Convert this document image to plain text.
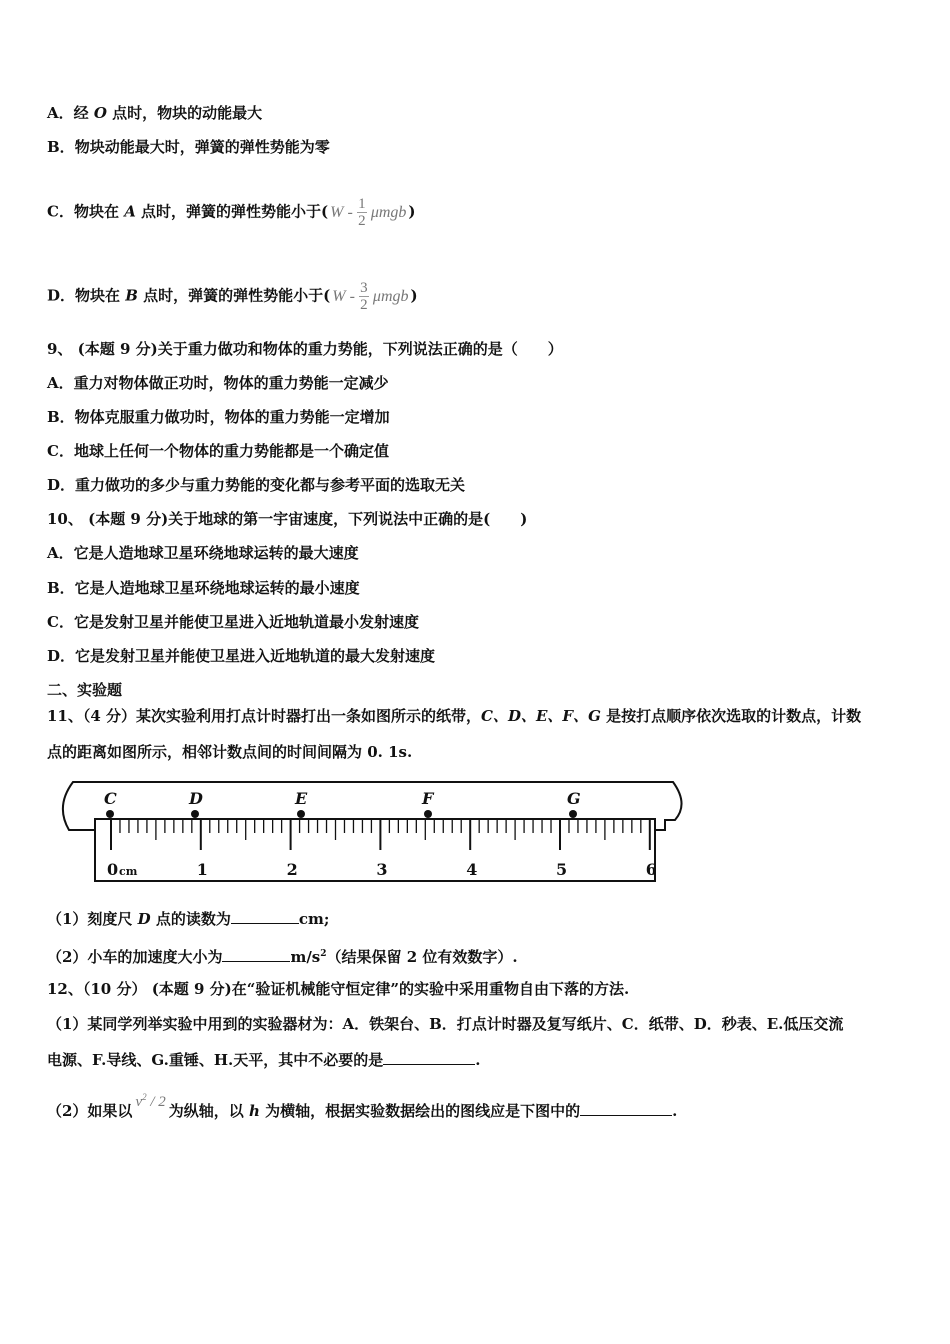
A．经 O 点时，物块的动能最大
B．物块动能最大时，弹簧的弹性势能为零
C．物块在 A 点时，弹簧的弹性势能小于( W - 1
2
μmgb )
D．物块在 B 点时，弹簧的弹性势能小于( W - 3
2
μmgb )
9、 (本题 9 分)关于重力做功和物体的重力势能，下列说法正确的是（　　）
A．重力对物体做正功时，物体的重力势能一定减少
B．物体克服重力做功时，物体的重力势能一定增加
C．地球上任何一个物体的重力势能都是一个确定值
D．重力做功的多少与重力势能的变化都与参考平面的选取无关
10、 (本题 9 分)关于地球的第一宇宙速度，下列说法中正确的是(　　)
A．它是人造地球卫星环绕地球运转的最大速度
B．它是人造地球卫星环绕地球运转的最小速度
C．它是发射卫星并能使卫星进入近地轨道最小发射速度
D．它是发射卫星并能使卫星进入近地轨道的最大发射速度
二、实验题
11、（4 分）某次实验利用打点计时器打出一条如图所示的纸带，C、D、E、F、G 是按打点顺序依次选取的计数点，计数
点的距离如图所示，相邻计数点间的时间间隔为 0. 1s.
0 cm	1	2	3	4	5	6
C	D	E	F	G
（1）刻度尺 D 点的读数为	cm;
（2）小车的加速度大小为	$m/s^2$（结果保留 2 位有效数字）.
12、（10 分） (本题 9 分)在“验证机械能守恒定律”的实验中采用重物自由下落的方法.
（1）某同学列举实验中用到的实验器材为：A．铁架台、B．打点计时器及复写纸片、C．纸带、D．秒表、E.低压交流
电源、F.导线、G.重锤、H.天平，其中不必要的是	.
（2）如果以 $v^2 / 2$ 为纵轴，以 h 为横轴，根据实验数据绘出的图线应是下图中的	.
